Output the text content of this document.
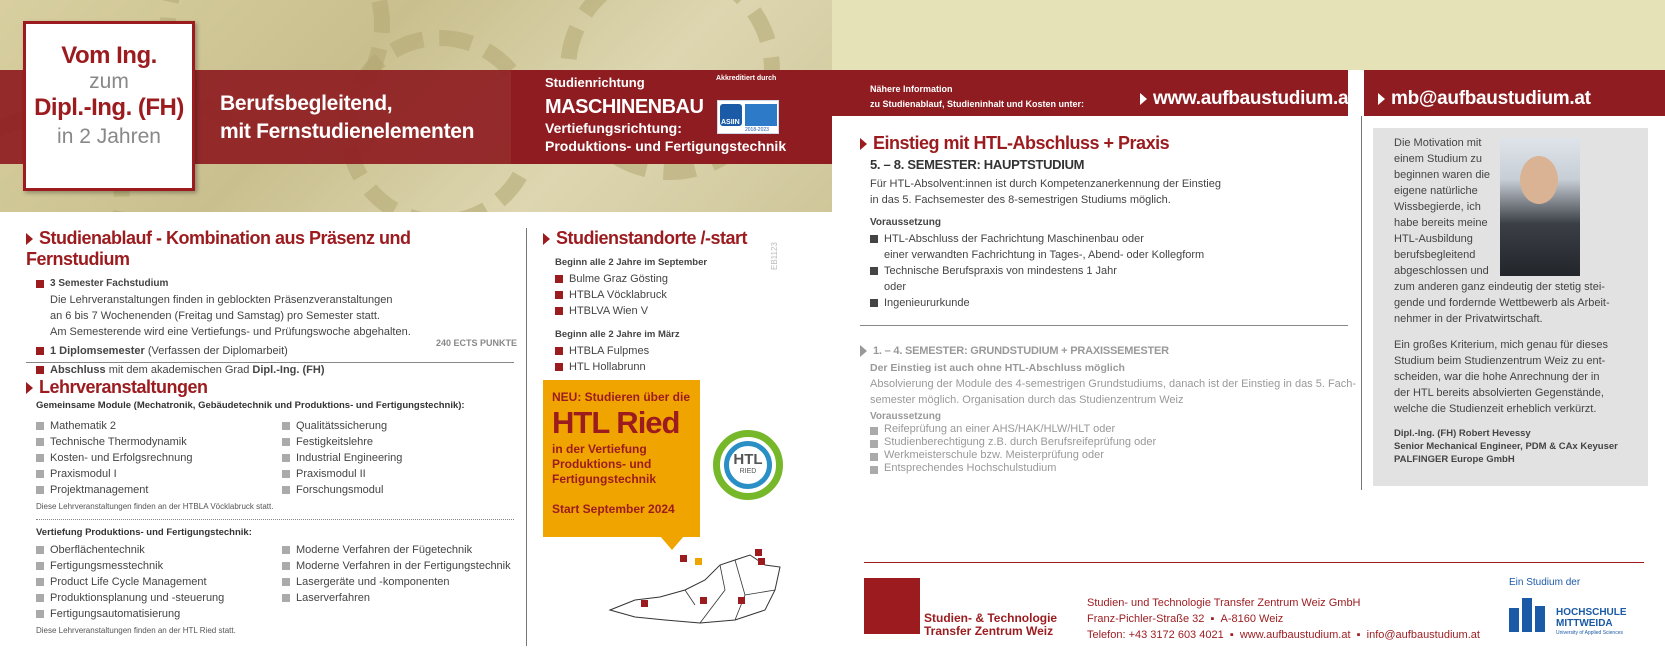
Vom Ing.
zum
Dipl.-Ing. (FH)
in 2 Jahren
Berufsbegleitend,
mit Fernstudienelementen
Studienrichtung
MASCHINENBAU
Vertiefungsrichtung:
Produktions- und Fertigungstechnik
Akkreditiert durch
ASIIN
2018-2023
Nähere Information
zu Studienablauf, Studieninhalt und Kosten unter:	www.aufbaustudium.at	mb@aufbaustudium.at
Studienablauf - Kombination aus Präsenz und Fernstudium
3 Semester Fachstudium
Die Lehrveranstaltungen finden in geblockten Präsenzveranstaltungen
an 6 bis 7 Wochenenden (Freitag und Samstag) pro Semester statt.
Am Semesterende wird eine Vertiefungs- und Prüfungswoche abgehalten.
1 Diplomsemester (Verfassen der Diplomarbeit)
Abschluss mit dem akademischen Grad Dipl.-Ing. (FH)
240 ECTS PUNKTE
Lehrveranstaltungen
Gemeinsame Module (Mechatronik, Gebäudetechnik und Produktions- und Fertigungstechnik):
Mathematik 2
Technische Thermodynamik
Kosten- und Erfolgsrechnung
Praxismodul I
Projektmanagement
Qualitätssicherung
Festigkeitslehre
Industrial Engineering
Praxismodul II
Forschungsmodul
Diese Lehrveranstaltungen finden an der HTBLA Vöcklabruck statt.
Vertiefung Produktions- und Fertigungstechnik:
Oberflächentechnik
Fertigungsmesstechnik
Product Life Cycle Management
Produktionsplanung und -steuerung
Fertigungsautomatisierung
Moderne Verfahren der Fügetechnik
Moderne Verfahren in der Fertigungstechnik
Lasergeräte und -komponenten
Laserverfahren
Diese Lehrveranstaltungen finden an der HTL Ried statt.
Studienstandorte /-start
Beginn alle 2 Jahre im September
Bulme Graz Gösting
HTBLA Vöcklabruck
HTBLVA Wien V
Beginn alle 2 Jahre im März
HTBLA Fulpmes
HTL Hollabrunn
EB1123
NEU: Studieren über die
HTL Ried
in der Vertiefung
Produktions- und
Fertigungstechnik
Start September 2024
HTL
RIED
Einstieg mit HTL-Abschluss + Praxis
5. – 8. SEMESTER: HAUPTSTUDIUM
Für HTL-Absolvent:innen ist durch Kompetenzanerkennung der Einstieg
in das 5. Fachsemester des 8-semestrigen Studiums möglich.
Voraussetzung
HTL-Abschluss der Fachrichtung Maschinenbau oder
einer verwandten Fachrichtung in Tages-, Abend- oder Kollegform
Technische Berufspraxis von mindestens 1 Jahr
oder
Ingenieururkunde
1. – 4. SEMESTER: GRUNDSTUDIUM + PRAXISSEMESTER
Der Einstieg ist auch ohne HTL-Abschluss möglich
Absolvierung der Module des 4-semestrigen Grundstudiums, danach ist der Einstieg in das 5. Fach-
semester möglich. Organisation durch das Studienzentrum Weiz
Voraussetzung
Reifeprüfung an einer AHS/HAK/HLW/HLT oder
Studienberechtigung z.B. durch Berufsreifeprüfung oder
Werkmeisterschule bzw. Meisterprüfung oder
Entsprechendes Hochschulstudium
Die Motivation mit
einem Studium zu
beginnen waren die
eigene natürliche
Wissbegierde, ich
habe bereits meine
HTL-Ausbildung
berufsbegleitend
abgeschlossen und
zum anderen ganz eindeutig der stetig stei-
gende und fordernde Wettbewerb als Arbeit-
nehmer in der Privatwirtschaft.
Ein großes Kriterium, mich genau für dieses
Studium beim Studienzentrum Weiz zu ent-
scheiden, war die hohe Anrechnung der in
der HTL bereits absolvierten Gegenstände,
welche die Studienzeit erheblich verkürzt.
Dipl.-Ing. (FH) Robert Hevessy
Senior Mechanical Engineer, PDM & CAx Keyuser
PALFINGER Europe GmbH
Studien- & Technologie
Transfer Zentrum Weiz
Studien- und Technologie Transfer Zentrum Weiz GmbH
Franz-Pichler-Straße 32  ▪  A-8160 Weiz
Telefon: +43 3172 603 4021  ▪  www.aufbaustudium.at  ▪  info@aufbaustudium.at
Ein Studium der
HOCHSCHULE
MITTWEIDA
University of Applied Sciences
